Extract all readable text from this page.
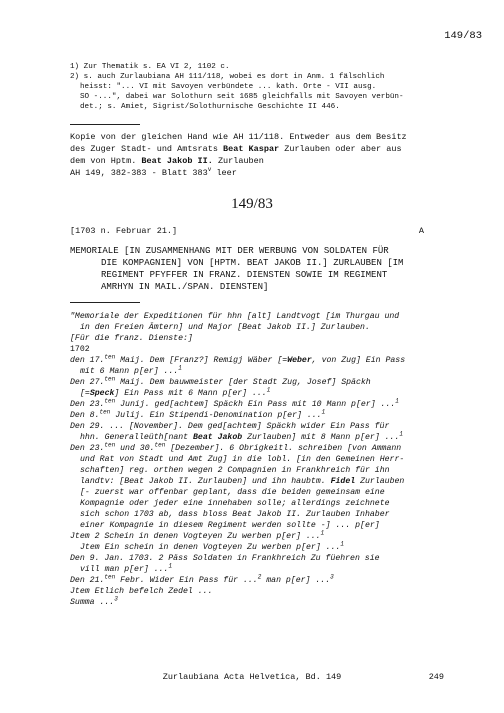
149/83
1) Zur Thematik s. EA VI 2, 1102 c.
2) s. auch Zurlaubiana AH 111/118, wobei es dort in Anm. 1 fälschlich
heisst: "... VI mit Savoyen verbündete ... kath. Orte - VII ausg.
SO -...", dabei war Solothurn seit 1685 gleichfalls mit Savoyen verbün-
det.; s. Amiet, Sigrist/Solothurnische Geschichte II 446.
Kopie von der gleichen Hand wie AH 11/118. Entweder aus dem Besitz
des Zuger Stadt- und Amtsrats Beat Kaspar Zurlauben oder aber aus
dem von Hptm. Beat Jakob II. Zurlauben
AH 149, 382-383 - Blatt 383$^v$ leer
149/83
[1703 n. Februar 21.]	A
MEMORIALE [IN ZUSAMMENHANG MIT DER WERBUNG VON SOLDATEN FÜR
DIE KOMPAGNIEN] VON [HPTM. BEAT JAKOB II.] ZURLAUBEN [IM
REGIMENT PFYFFER IN FRANZ. DIENSTEN SOWIE IM REGIMENT
AMRHYN IN MAIL./SPAN. DIENSTEN]
"Memoriale der Expeditionen für hhn [alt] Landtvogt [im Thurgau und
in den Freien Ämtern] und Major [Beat Jakob II.] Zurlauben.
[Für die franz. Dienste:]
1702
den 17.$^{ten}$ Maij. Dem [Franz?] Remigj Wäber [=Weber, von Zug] Ein Pass
mit 6 Mann p[er] ...$^1$
Den 27.$^{ten}$ Maij. Dem bauwmeister [der Stadt Zug, Josef] Späckh
[=Speck] Ein Pass mit 6 Mann p[er] ...$^1$
Den 23.$^{ten}$ Junij. ged[achtem] Späckh Ein Pass mit 10 Mann p[er] ...$^1$
Den 8.$^{ten}$ Julij. Ein Stipendi-Denomination p[er] ...$^1$
Den 29. ... [November]. Dem ged[achtem] Späckh wider Ein Pass für
hhn. Generalleüth[nant Beat Jakob Zurlauben] mit 8 Mann p[er] ...$^1$
Den 23.$^{ten}$ und 30.$^{ten}$ [Dezember]. 6 Obrigkeitl. schreiben [von Ammann
und Rat von Stadt und Amt Zug] in die lobl. [in den Gemeinen Herr-
schaften] reg. orthen wegen 2 Compagnien in Frankhreich für ihn
landtv: [Beat Jakob II. Zurlauben] und ihn haubtm. Fidel Zurlauben
[- zuerst war offenbar geplant, dass die beiden gemeinsam eine
Kompagnie oder jeder eine innehaben solle; allerdings zeichnete
sich schon 1703 ab, dass bloss Beat Jakob II. Zurlauben Inhaber
einer Kompagnie in diesem Regiment werden sollte -] ... p[er]
Jtem 2 Schein in denen Vogteyen Zu werben p[er] ...$^1$
Jtem Ein schein in denen Vogteyen Zu werben p[er] ...$^1$
Den 9. Jan. 1703. 2 Päss Soldaten in Frankhreich Zu füehren sie
vill man p[er] ...$^1$
Den 21.$^{ten}$ Febr. Wider Ein Pass für ...$^2$ man p[er] ...$^3$
Jtem Etlich befelch Zedel ...
Summa ...$^3$
Zurlaubiana Acta Helvetica, Bd. 149	249
